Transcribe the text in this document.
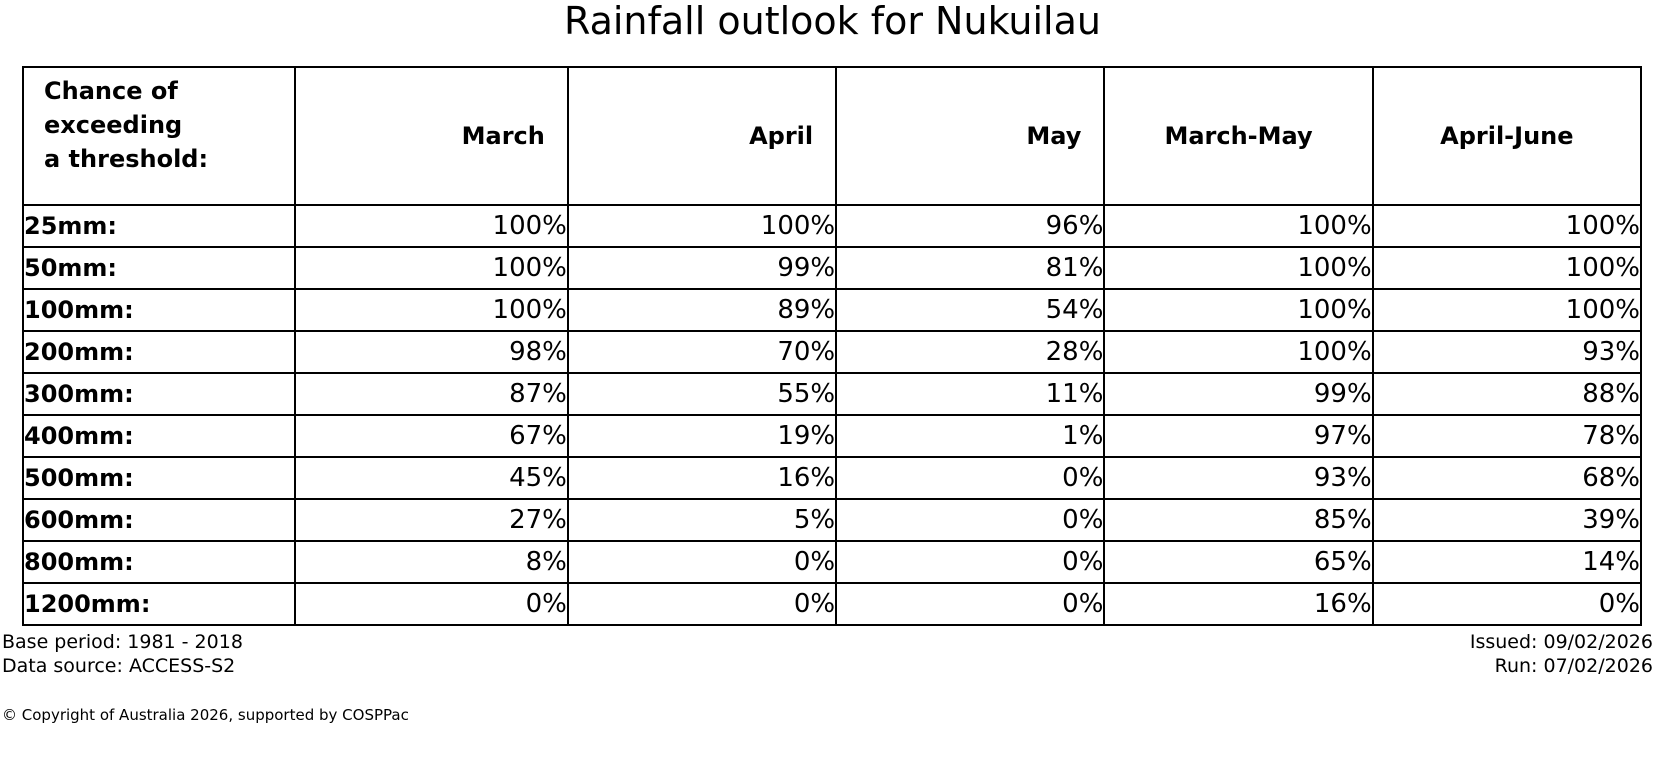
Rainfall outlook for Nukuilau
Chance of
exceeding
a threshold:	March	April	May	March-May	April-June
25mm:	100%	100%	96%	100%	100%
50mm:	100%	99%	81%	100%	100%
100mm:	100%	89%	54%	100%	100%
200mm:	98%	70%	28%	100%	93%
300mm:	87%	55%	11%	99%	88%
400mm:	67%	19%	1%	97%	78%
500mm:	45%	16%	0%	93%	68%
600mm:	27%	5%	0%	85%	39%
800mm:	8%	0%	0%	65%	14%
1200mm:	0%	0%	0%	16%	0%
Base period: 1981 - 2018
Data source: ACCESS-S2
Issued: 09/02/2026
Run: 07/02/2026
© Copyright of Australia 2026, supported by COSPPac
